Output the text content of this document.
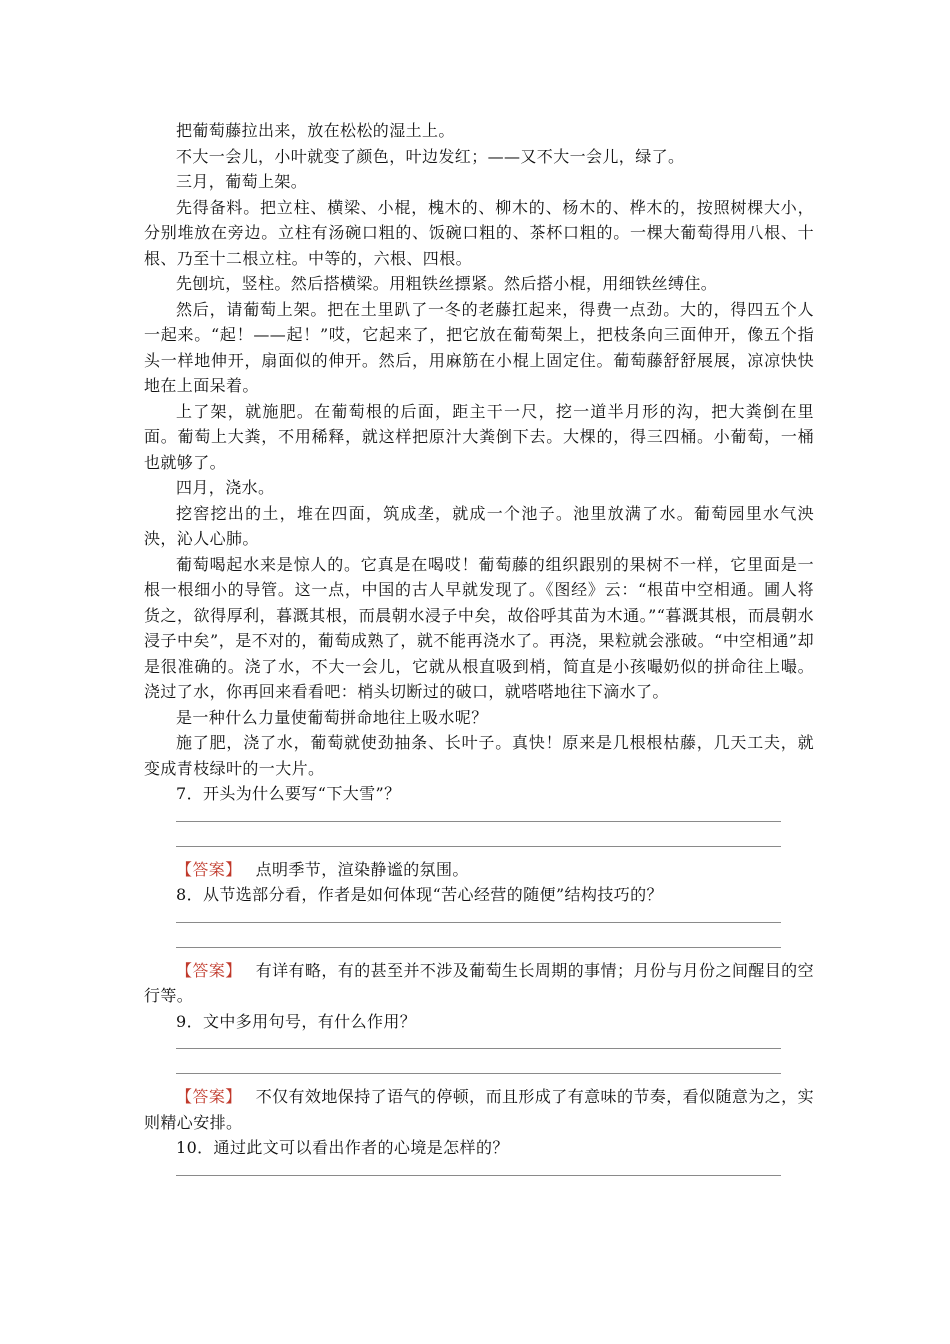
把葡萄藤拉出来，放在松松的湿土上。

不大一会儿，小叶就变了颜色，叶边发红；——又不大一会儿，绿了。

三月，葡萄上架。

先得备料。把立柱、横梁、小棍，槐木的、柳木的、杨木的、桦木的，按照树棵大小，分别堆放在旁边。立柱有汤碗口粗的、饭碗口粗的、茶杯口粗的。一棵大葡萄得用八根、十根、乃至十二根立柱。中等的，六根、四根。

先刨坑，竖柱。然后搭横梁。用粗铁丝摽紧。然后搭小棍，用细铁丝缚住。

然后，请葡萄上架。把在土里趴了一冬的老藤扛起来，得费一点劲。大的，得四五个人一起来。“起！——起！”哎，它起来了，把它放在葡萄架上，把枝条向三面伸开，像五个指头一样地伸开，扇面似的伸开。然后，用麻筋在小棍上固定住。葡萄藤舒舒展展，凉凉快快地在上面呆着。

上了架，就施肥。在葡萄根的后面，距主干一尺，挖一道半月形的沟，把大粪倒在里面。葡萄上大粪，不用稀释，就这样把原汁大粪倒下去。大棵的，得三四桶。小葡萄，一桶也就够了。

四月，浇水。

挖窖挖出的土，堆在四面，筑成垄，就成一个池子。池里放满了水。葡萄园里水气泱泱，沁人心肺。

葡萄喝起水来是惊人的。它真是在喝哎！葡萄藤的组织跟别的果树不一样，它里面是一根一根细小的导管。这一点，中国的古人早就发现了。《图经》云：“根苗中空相通。圃人将货之，欲得厚利，暮溉其根，而晨朝水浸子中矣，故俗呼其苗为木通。”“暮溉其根，而晨朝水浸子中矣”，是不对的，葡萄成熟了，就不能再浇水了。再浇，果粒就会涨破。“中空相通”却是很准确的。浇了水，不大一会儿，它就从根直吸到梢，简直是小孩嘬奶似的拼命往上嘬。浇过了水，你再回来看看吧：梢头切断过的破口，就嗒嗒地往下滴水了。

是一种什么力量使葡萄拼命地往上吸水呢？

施了肥，浇了水，葡萄就使劲抽条、长叶子。真快！原来是几根根枯藤，几天工夫，就变成青枝绿叶的一大片。

7．开头为什么要写“下大雪”？

【答案】 点明季节，渲染静谧的氛围。

8．从节选部分看，作者是如何体现“苦心经营的随便”结构技巧的？

【答案】 有详有略，有的甚至并不涉及葡萄生长周期的事情；月份与月份之间醒目的空行等。

9．文中多用句号，有什么作用？

【答案】 不仅有效地保持了语气的停顿，而且形成了有意味的节奏，看似随意为之，实则精心安排。

10．通过此文可以看出作者的心境是怎样的？
